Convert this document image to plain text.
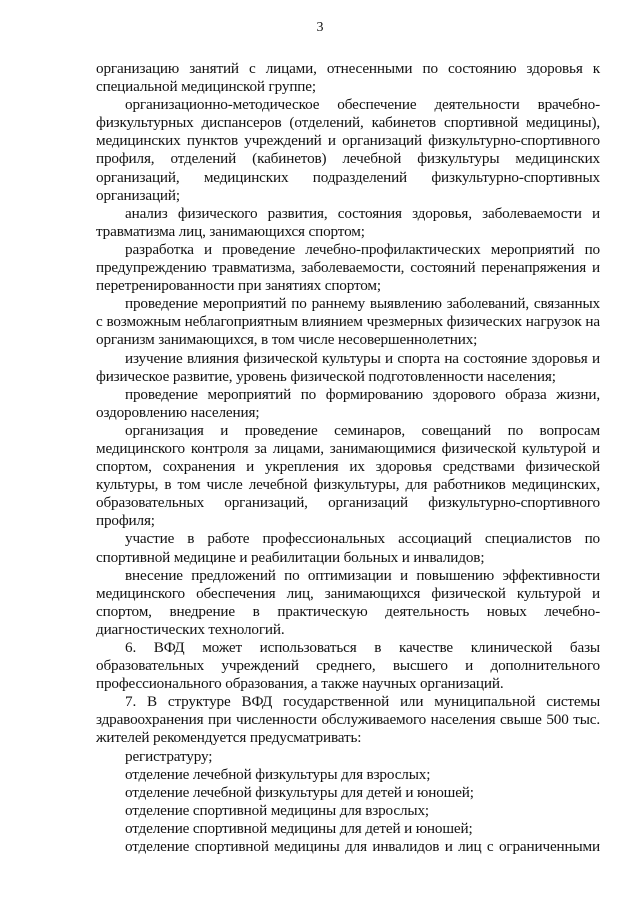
3

организацию занятий с лицами, отнесенными по состоянию здоровья к специальной медицинской группе;

организационно-методическое обеспечение деятельности врачебно-физкультурных диспансеров (отделений, кабинетов спортивной медицины), медицинских пунктов учреждений и организаций физкультурно-спортивного профиля, отделений (кабинетов) лечебной физкультуры медицинских организаций, медицинских подразделений физкультурно-спортивных организаций;

анализ физического развития, состояния здоровья, заболеваемости и травматизма лиц, занимающихся спортом;

разработка и проведение лечебно-профилактических мероприятий по предупреждению травматизма, заболеваемости, состояний перенапряжения и перетренированности при занятиях спортом;

проведение мероприятий по раннему выявлению заболеваний, связанных с возможным неблагоприятным влиянием чрезмерных физических нагрузок на организм занимающихся, в том числе несовершеннолетних;

изучение влияния физической культуры и спорта на состояние здоровья и физическое развитие, уровень физической подготовленности населения;

проведение мероприятий по формированию здорового образа жизни, оздоровлению населения;

организация и проведение семинаров, совещаний по вопросам медицинского контроля за лицами, занимающимися физической культурой и спортом, сохранения и укрепления их здоровья средствами физической культуры, в том числе лечебной физкультуры, для работников медицинских, образовательных организаций, организаций физкультурно-спортивного профиля;

участие в работе профессиональных ассоциаций специалистов по спортивной медицине и реабилитации больных и инвалидов;

внесение предложений по оптимизации и повышению эффективности медицинского обеспечения лиц, занимающихся физической культурой и спортом, внедрение в практическую деятельность новых лечебно-диагностических технологий.

6. ВФД может использоваться в качестве клинической базы образовательных учреждений среднего, высшего и дополнительного профессионального образования, а также научных организаций.

7. В структуре ВФД государственной или муниципальной системы здравоохранения при численности обслуживаемого населения свыше 500 тыс. жителей рекомендуется предусматривать:

регистратуру;

отделение лечебной физкультуры для взрослых;

отделение лечебной физкультуры для детей и юношей;

отделение спортивной медицины для взрослых;

отделение спортивной медицины для детей и юношей;

отделение спортивной медицины для инвалидов и лиц с ограниченными
